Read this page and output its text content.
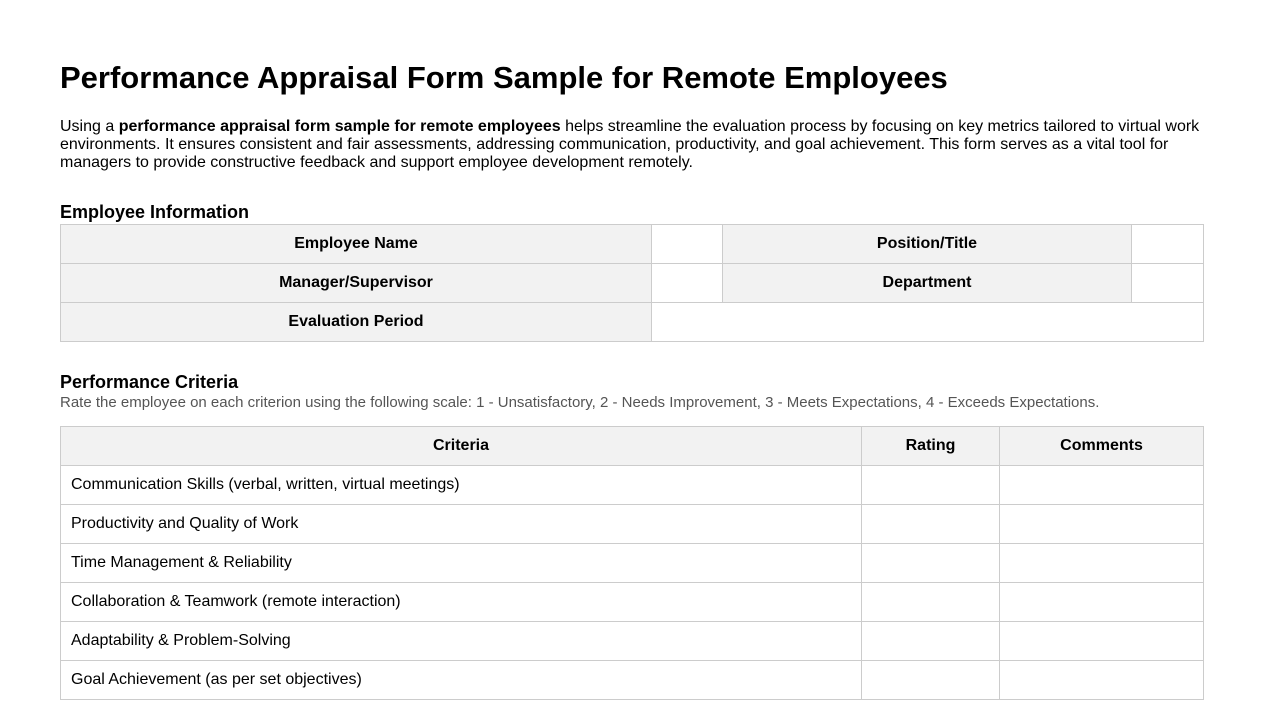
Performance Appraisal Form Sample for Remote Employees

Using a performance appraisal form sample for remote employees helps streamline the evaluation process by focusing on key metrics tailored to virtual work environments. It ensures consistent and fair assessments, addressing communication, productivity, and goal achievement. This form serves as a vital tool for managers to provide constructive feedback and support employee development remotely.

Employee Information
Employee Name		Position/Title	
Manager/Supervisor		Department	
Evaluation Period			
Performance Criteria
Rate the employee on each criterion using the following scale: 1 - Unsatisfactory, 2 - Needs Improvement, 3 - Meets Expectations, 4 - Exceeds Expectations.
Criteria	Rating	Comments
Communication Skills (verbal, written, virtual meetings)		
Productivity and Quality of Work		
Time Management & Reliability		
Collaboration & Teamwork (remote interaction)		
Adaptability & Problem-Solving		
Goal Achievement (as per set objectives)		
